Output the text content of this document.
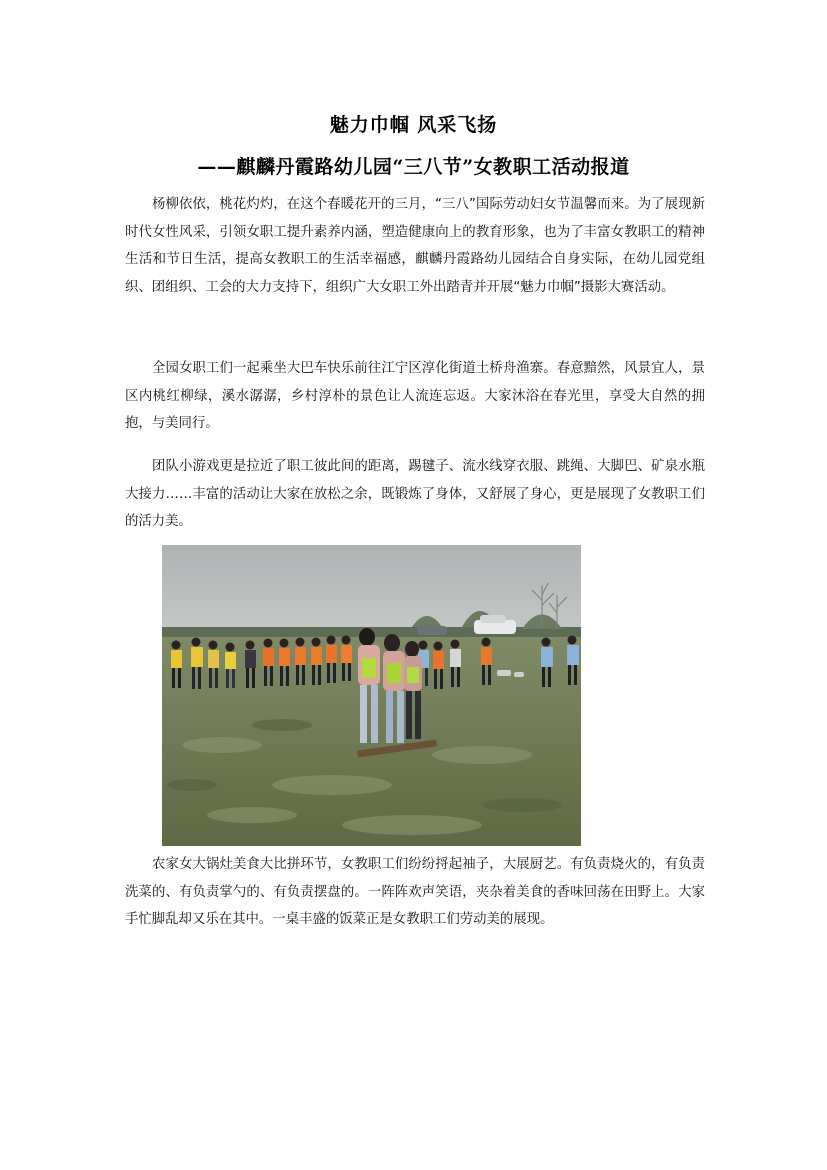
魅力巾帼 风采飞扬
——麒麟丹霞路幼儿园“三八节”女教职工活动报道

杨柳依依，桃花灼灼，在这个春暖花开的三月，“三八”国际劳动妇女节温馨而来。为了展现新时代女性风采，引领女职工提升素养内涵，塑造健康向上的教育形象，也为了丰富女教职工的精神生活和节日生活，提高女教职工的生活幸福感，麒麟丹霞路幼儿园结合自身实际，在幼儿园党组织、团组织、工会的大力支持下，组织广大女职工外出踏青并开展“魅力巾帼”摄影大赛活动。

全园女职工们一起乘坐大巴车快乐前往江宁区淳化街道土桥舟渔寨。春意黯然，风景宜人，景区内桃红柳绿，溪水潺潺，乡村淳朴的景色让人流连忘返。大家沐浴在春光里，享受大自然的拥抱，与美同行。

团队小游戏更是拉近了职工彼此间的距离，踢毽子、流水线穿衣服、跳绳、大脚巴、矿泉水瓶大接力……丰富的活动让大家在放松之余，既锻炼了身体，又舒展了身心，更是展现了女教职工们的活力美。

农家女大锅灶美食大比拼环节，女教职工们纷纷捋起袖子，大展厨艺。有负责烧火的，有负责洗菜的、有负责掌勺的、有负责摆盘的。一阵阵欢声笑语，夹杂着美食的香味回荡在田野上。大家手忙脚乱却又乐在其中。一桌丰盛的饭菜正是女教职工们劳动美的展现。
